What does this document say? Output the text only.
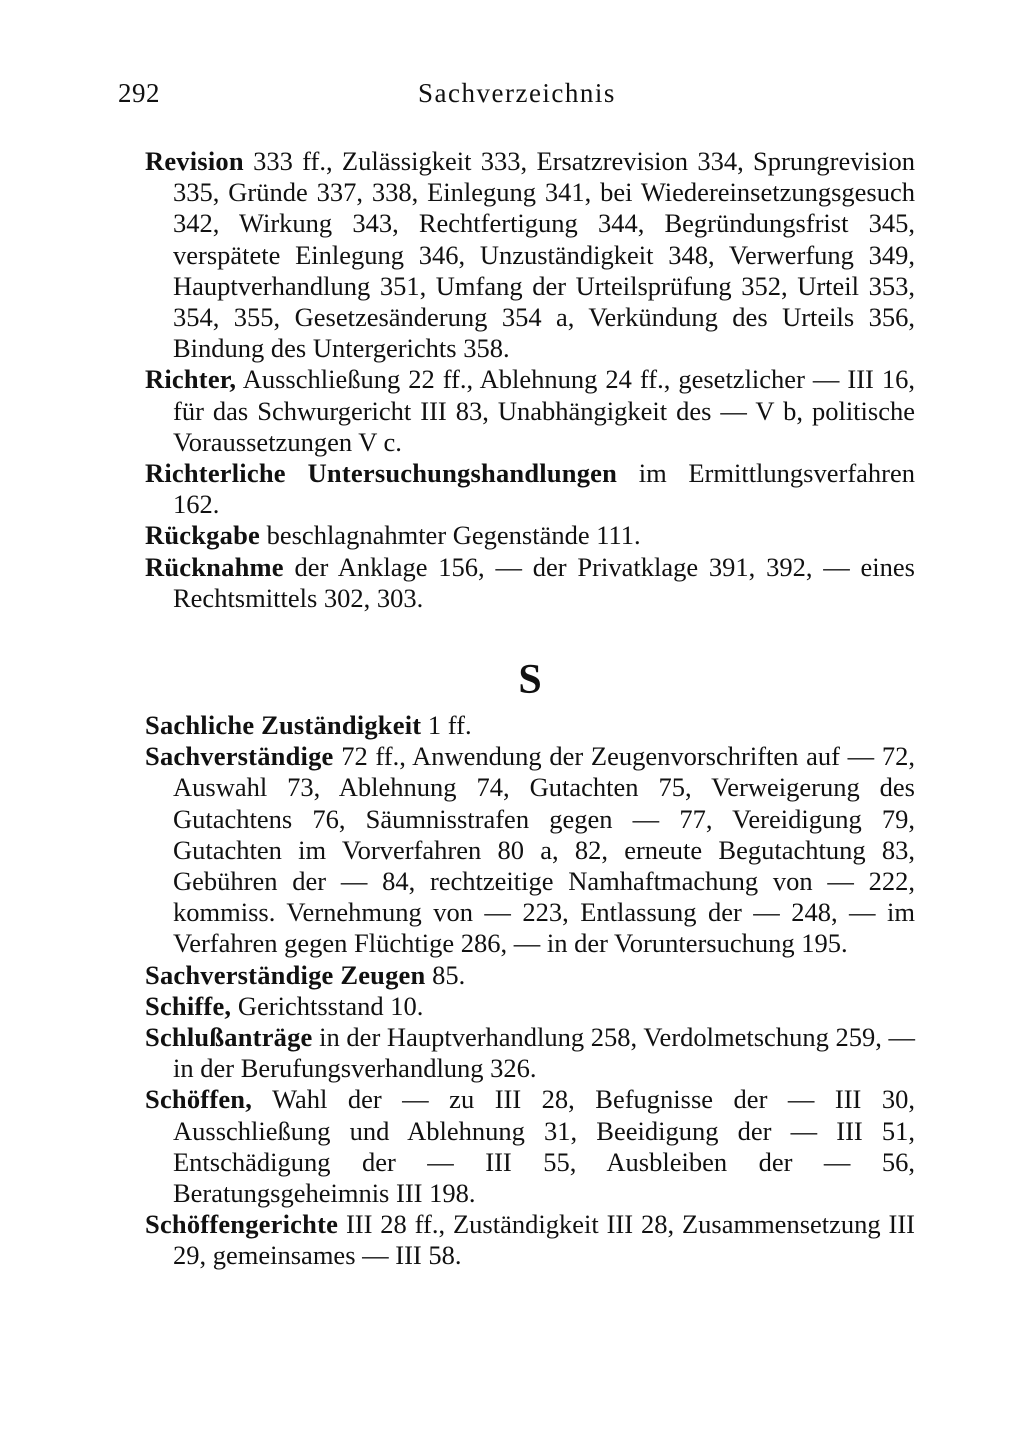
292	Sachverzeichnis

Revision 333 ff., Zulässigkeit 333, Ersatzrevision 334, Sprungrevision 335, Gründe 337, 338, Einlegung 341, bei Wiedereinsetzungsgesuch 342, Wirkung 343, Rechtfertigung 344, Begründungsfrist 345, verspätete Einlegung 346, Unzuständigkeit 348, Verwerfung 349, Hauptverhandlung 351, Umfang der Urteilsprüfung 352, Urteil 353, 354, 355, Gesetzesänderung 354 a, Verkündung des Urteils 356, Bindung des Untergerichts 358.

Richter, Ausschließung 22 ff., Ablehnung 24 ff., gesetzlicher — III 16, für das Schwurgericht III 83, Unabhängigkeit des — V b, politische Voraussetzungen V c.

Richterliche Untersuchungshandlungen im Ermittlungsverfahren 162.

Rückgabe beschlagnahmter Gegenstände 111.

Rücknahme der Anklage 156, — der Privatklage 391, 392, — eines Rechtsmittels 302, 303.

S

Sachliche Zuständigkeit 1 ff.

Sachverständige 72 ff., Anwendung der Zeugenvorschriften auf — 72, Auswahl 73, Ablehnung 74, Gutachten 75, Verweigerung des Gutachtens 76, Säumnisstrafen gegen — 77, Vereidigung 79, Gutachten im Vorverfahren 80 a, 82, erneute Begutachtung 83, Gebühren der — 84, rechtzeitige Namhaftmachung von — 222, kommiss. Vernehmung von — 223, Entlassung der — 248, — im Verfahren gegen Flüchtige 286, — in der Voruntersuchung 195.

Sachverständige Zeugen 85.

Schiffe, Gerichtsstand 10.

Schlußanträge in der Hauptverhandlung 258, Verdolmetschung 259, — in der Berufungsverhandlung 326.

Schöffen, Wahl der — zu III 28, Befugnisse der — III 30, Ausschließung und Ablehnung 31, Beeidigung der — III 51, Entschädigung der — III 55, Ausbleiben der — 56, Beratungsgeheimnis III 198.

Schöffengerichte III 28 ff., Zuständigkeit III 28, Zusammensetzung III 29, gemeinsames — III 58.
